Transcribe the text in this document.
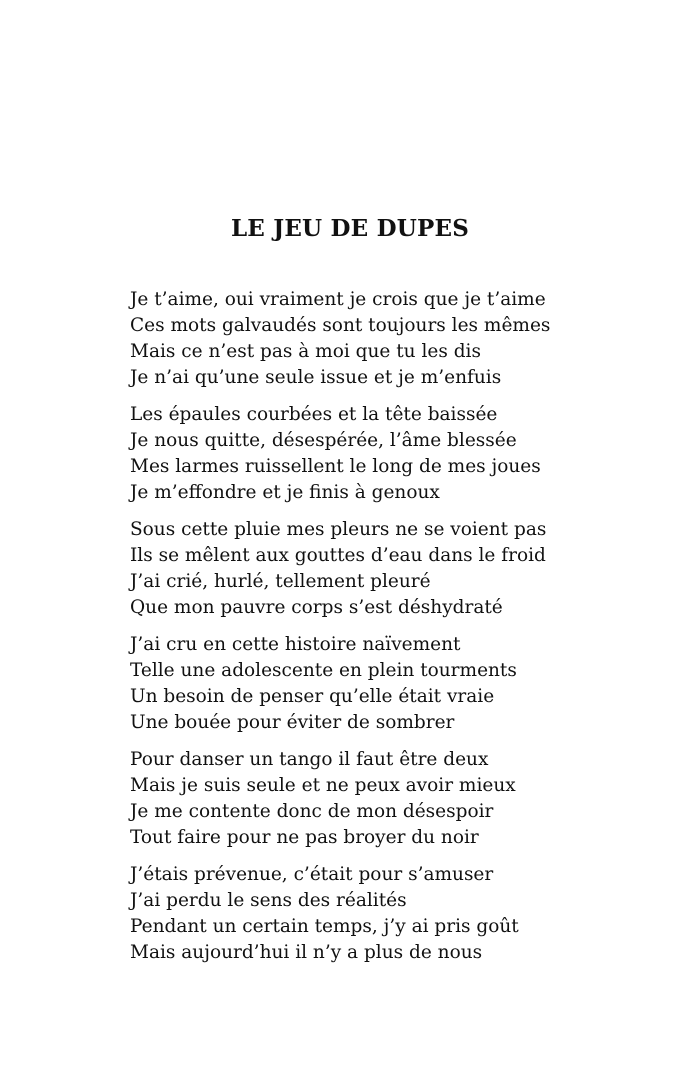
LE JEU DE DUPES
Je t’aime, oui vraiment je crois que je t’aime
Ces mots galvaudés sont toujours les mêmes
Mais ce n’est pas à moi que tu les dis
Je n’ai qu’une seule issue et je m’enfuis
Les épaules courbées et la tête baissée
Je nous quitte, désespérée, l’âme blessée
Mes larmes ruissellent le long de mes joues
Je m’effondre et je finis à genoux
Sous cette pluie mes pleurs ne se voient pas
Ils se mêlent aux gouttes d’eau dans le froid
J’ai crié, hurlé, tellement pleuré
Que mon pauvre corps s’est déshydraté
J’ai cru en cette histoire naïvement
Telle une adolescente en plein tourments
Un besoin de penser qu’elle était vraie
Une bouée pour éviter de sombrer
Pour danser un tango il faut être deux
Mais je suis seule et ne peux avoir mieux
Je me contente donc de mon désespoir
Tout faire pour ne pas broyer du noir
J’étais prévenue, c’était pour s’amuser
J’ai perdu le sens des réalités
Pendant un certain temps, j’y ai pris goût
Mais aujourd’hui il n’y a plus de nous
